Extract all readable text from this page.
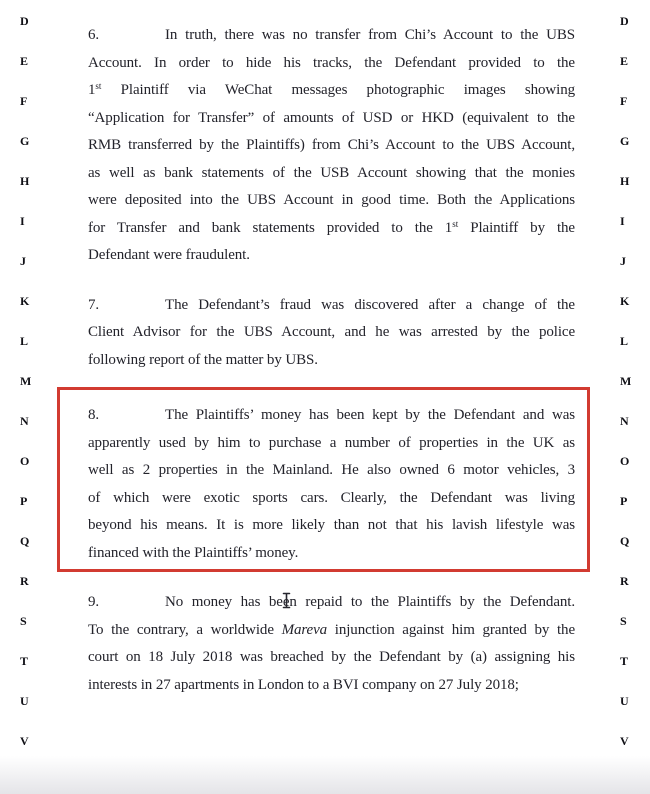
D
E
F
G
H
I
J
K
L
M
N
O
P
Q
R
S
T
U
V
D
E
F
G
H
I
J
K
L
M
N
O
P
Q
R
S
T
U
V
6.	In truth, there was no transfer from Chi’s Account to the UBS
Account. In order to hide his tracks, the Defendant provided to the
1st Plaintiff via WeChat messages photographic images showing
“Application for Transfer” of amounts of USD or HKD (equivalent to the
RMB transferred by the Plaintiffs) from Chi’s Account to the UBS Account,
as well as bank statements of the USB Account showing that the monies
were deposited into the UBS Account in good time. Both the Applications
for Transfer and bank statements provided to the 1st Plaintiff by the
Defendant were fraudulent.
7.	The Defendant’s fraud was discovered after a change of the
Client Advisor for the UBS Account, and he was arrested by the police
following report of the matter by UBS.
8.	The Plaintiffs’ money has been kept by the Defendant and was
apparently used by him to purchase a number of properties in the UK as
well as 2 properties in the Mainland. He also owned 6 motor vehicles, 3
of which were exotic sports cars. Clearly, the Defendant was living
beyond his means. It is more likely than not that his lavish lifestyle was
financed with the Plaintiffs’ money.
9.	No money has been repaid to the Plaintiffs by the Defendant.
To the contrary, a worldwide Mareva injunction against him granted by the
court on 18 July 2018 was breached by the Defendant by (a) assigning his
interests in 27 apartments in London to a BVI company on 27 July 2018;
